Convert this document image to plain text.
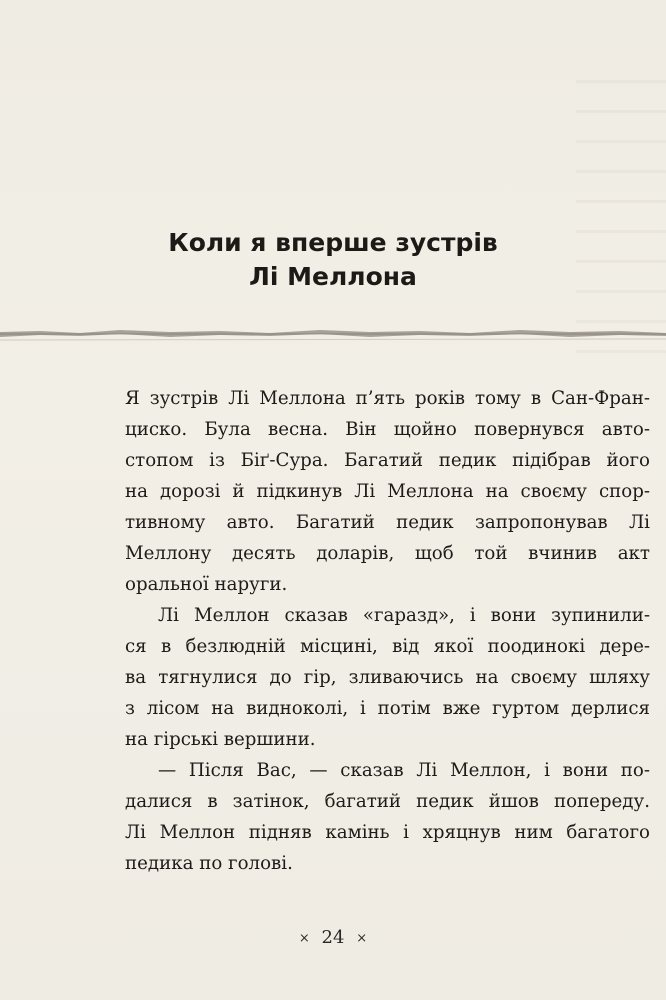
Коли я вперше зустрів
Лі Меллона
Я зустрів Лі Меллона п’ять років тому в Сан-Фран-
циско. Була весна. Він щойно повернувся авто-
стопом із Біґ-Сура. Багатий педик підібрав його
на дорозі й підкинув Лі Меллона на своєму спор-
тивному авто. Багатий педик запропонував Лі
Меллону десять доларів, щоб той вчинив акт
оральної наруги.
Лі Меллон сказав «гаразд», і вони зупинили-
ся в безлюдній місцині, від якої поодинокі дере-
ва тягнулися до гір, зливаючись на своєму шляху
з лісом на видноколі, і потім вже гуртом дерлися
на гірські вершини.
— Після Вас, — сказав Лі Меллон, і вони по-
далися в затінок, багатий педик йшов попереду.
Лі Меллон підняв камінь і хряцнув ним багатого
педика по голові.
× 24 ×
